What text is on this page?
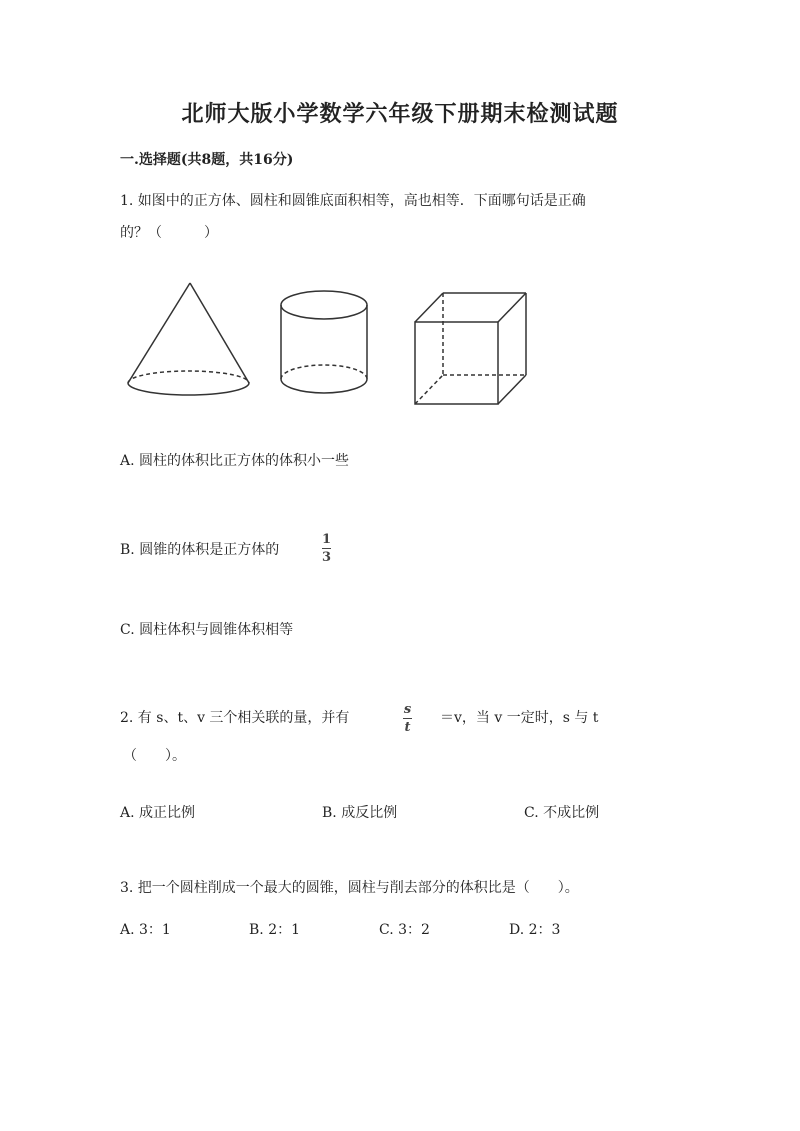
北师大版小学数学六年级下册期末检测试题
一.选择题(共8题，共16分)
1. 如图中的正方体、圆柱和圆锥底面积相等，高也相等．下面哪句话是正确
的？（　　　）
A. 圆柱的体积比正方体的体积小一些
B. 圆锥的体积是正方体的
1
3
C. 圆柱体积与圆锥体积相等
2. 有 s、t、v 三个相关联的量，并有
s
t
＝v，当 v 一定时，s 与 t
（　　）。
A. 成正比例	B. 成反比例	C. 不成比例
3. 把一个圆柱削成一个最大的圆锥，圆柱与削去部分的体积比是（　　）。
A. 3：1	B. 2：1	C. 3：2	D. 2：3
